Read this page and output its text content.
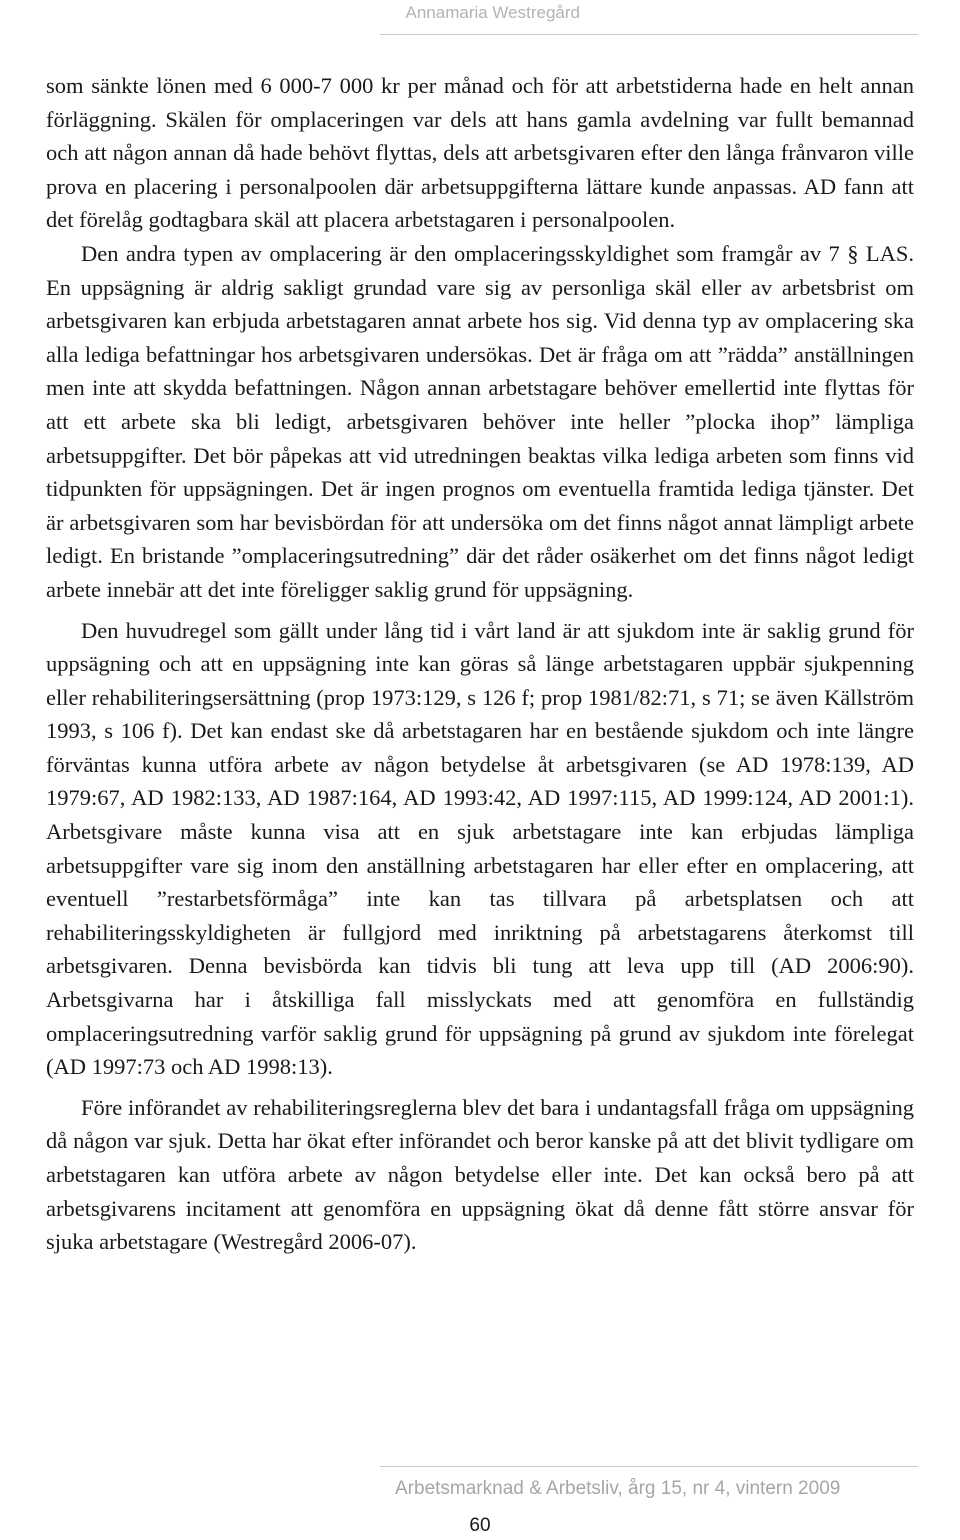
Annamaria Westregård

som sänkte lönen med 6 000-7 000 kr per månad och för att arbetstiderna hade en helt annan förläggning. Skälen för omplaceringen var dels att hans gamla avdelning var fullt bemannad och att någon annan då hade behövt flyttas, dels att arbetsgivaren efter den långa frånvaron ville prova en placering i personalpoolen där arbetsuppgifterna lättare kunde anpassas. AD fann att det förelåg godtagbara skäl att placera arbetstagaren i personalpoolen.

Den andra typen av omplacering är den omplaceringsskyldighet som framgår av 7 § LAS. En uppsägning är aldrig sakligt grundad vare sig av personliga skäl eller av arbetsbrist om arbetsgivaren kan erbjuda arbetstagaren annat arbete hos sig. Vid denna typ av omplacering ska alla lediga befattningar hos arbetsgivaren undersökas. Det är fråga om att ”rädda” anställningen men inte att skydda befattningen. Någon annan arbetstagare behöver emellertid inte flyttas för att ett arbete ska bli ledigt, arbetsgivaren behöver inte heller ”plocka ihop” lämpliga arbetsuppgifter. Det bör påpekas att vid utredningen beaktas vilka lediga arbeten som finns vid tidpunkten för uppsägningen. Det är ingen prognos om eventuella framtida lediga tjänster. Det är arbetsgivaren som har bevisbördan för att undersöka om det finns något annat lämpligt arbete ledigt. En bristande ”omplaceringsutredning” där det råder osäkerhet om det finns något ledigt arbete innebär att det inte föreligger saklig grund för uppsägning.

Den huvudregel som gällt under lång tid i vårt land är att sjukdom inte är saklig grund för uppsägning och att en uppsägning inte kan göras så länge arbetstagaren uppbär sjukpenning eller rehabiliteringsersättning (prop 1973:129, s 126 f; prop 1981/82:71, s 71; se även Källström 1993, s 106 f). Det kan endast ske då arbetstagaren har en bestående sjukdom och inte längre förväntas kunna utföra arbete av någon betydelse åt arbetsgivaren (se AD 1978:139, AD 1979:67, AD 1982:133, AD 1987:164, AD 1993:42, AD 1997:115, AD 1999:124, AD 2001:1). Arbetsgivare måste kunna visa att en sjuk arbetstagare inte kan erbjudas lämpliga arbetsuppgifter vare sig inom den anställning arbetstagaren har eller efter en omplacering, att eventuell ”restarbetsförmåga” inte kan tas tillvara på arbetsplatsen och att rehabiliteringsskyldigheten är fullgjord med inriktning på arbetstagarens återkomst till arbetsgivaren. Denna bevisbörda kan tidvis bli tung att leva upp till (AD 2006:90). Arbetsgivarna har i åtskilliga fall misslyckats med att genomföra en fullständig omplaceringsutredning varför saklig grund för uppsägning på grund av sjukdom inte förelegat (AD 1997:73 och AD 1998:13).

Före införandet av rehabiliteringsreglerna blev det bara i undantagsfall fråga om uppsägning då någon var sjuk. Detta har ökat efter införandet och beror kanske på att det blivit tydligare om arbetstagaren kan utföra arbete av någon betydelse eller inte. Det kan också bero på att arbetsgivarens incitament att genomföra en uppsägning ökat då denne fått större ansvar för sjuka arbetstagare (Westregård 2006-07).

Arbetsmarknad & Arbetsliv, årg 15, nr 4, vintern 2009
60
